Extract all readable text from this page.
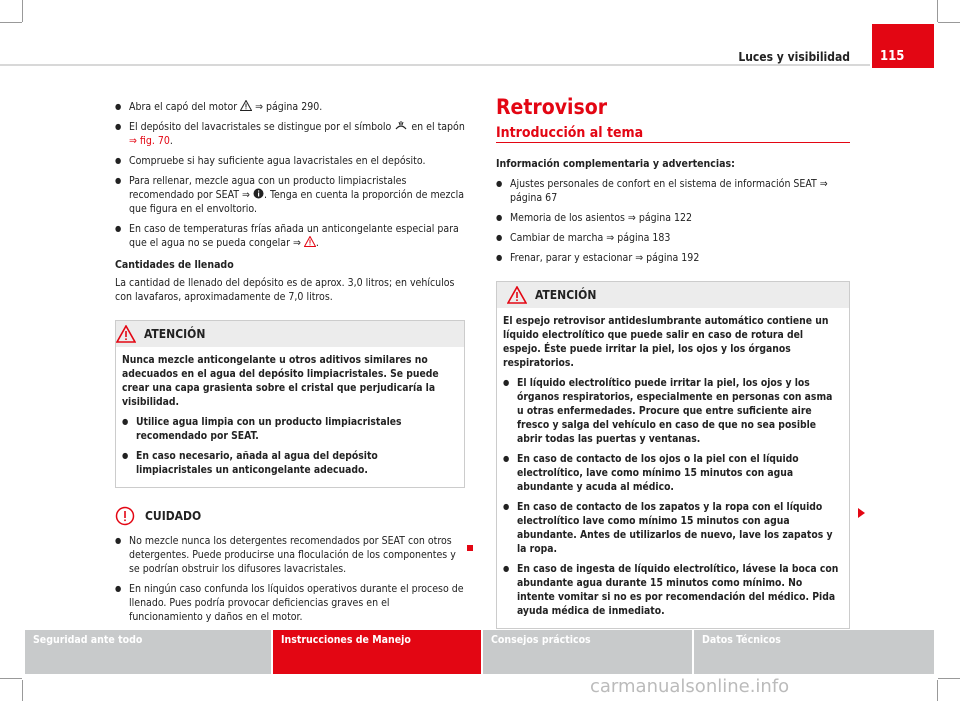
Luces y visibilidad 115

● Abra el capó del motor ⇒ página 290.

● El depósito del lavacristales se distingue por el símbolo en el tapón
⇒ fig. 70.

● Compruebe si hay suficiente agua lavacristales en el depósito.

● Para rellenar, mezcle agua con un producto limpiacristales recomendado por SEAT ⇒ . Tenga en cuenta la proporción de mezcla que figura en el envoltorio.

● En caso de temperaturas frías añada un anticongelante especial para que el agua no se pueda congelar ⇒ .

Cantidades de llenado

La cantidad de llenado del depósito es de aprox. 3,0 litros; en vehículos con lavafaros, aproximadamente de 7,0 litros.

ATENCIÓN

Nunca mezcle anticongelante u otros aditivos similares no adecuados en el agua del depósito limpiacristales. Se puede crear una capa grasienta sobre el cristal que perjudicaría la visibilidad.

● Utilice agua limpia con un producto limpiacristales recomendado por SEAT.

● En caso necesario, añada al agua del depósito limpiacristales un anticongelante adecuado.

CUIDADO

● No mezcle nunca los detergentes recomendados por SEAT con otros detergentes. Puede producirse una floculación de los componentes y se podrían obstruir los difusores lavacristales.

● En ningún caso confunda los líquidos operativos durante el proceso de llenado. Pues podría provocar deficiencias graves en el funcionamiento y daños en el motor.

Retrovisor
Introducción al tema

Información complementaria y advertencias:

● Ajustes personales de confort en el sistema de información SEAT ⇒ página 67

● Memoria de los asientos ⇒ página 122

● Cambiar de marcha ⇒ página 183

● Frenar, parar y estacionar ⇒ página 192

ATENCIÓN

El espejo retrovisor antideslumbrante automático contiene un líquido electrolítico que puede salir en caso de rotura del espejo. Éste puede irritar la piel, los ojos y los órganos respiratorios.

● El líquido electrolítico puede irritar la piel, los ojos y los órganos respiratorios, especialmente en personas con asma u otras enfermedades. Procure que entre suficiente aire fresco y salga del vehículo en caso de que no sea posible abrir todas las puertas y ventanas.

● En caso de contacto de los ojos o la piel con el líquido electrolítico, lave como mínimo 15 minutos con agua abundante y acuda al médico.

● En caso de contacto de los zapatos y la ropa con el líquido electrolítico lave como mínimo 15 minutos con agua abundante. Antes de utilizarlos de nuevo, lave los zapatos y la ropa.

● En caso de ingesta de líquido electrolítico, lávese la boca con abundante agua durante 15 minutos como mínimo. No intente vomitar si no es por recomendación del médico. Pida ayuda médica de inmediato.

Seguridad ante todo	Instrucciones de Manejo	Consejos prácticos	Datos Técnicos
carmanualsonline.info
